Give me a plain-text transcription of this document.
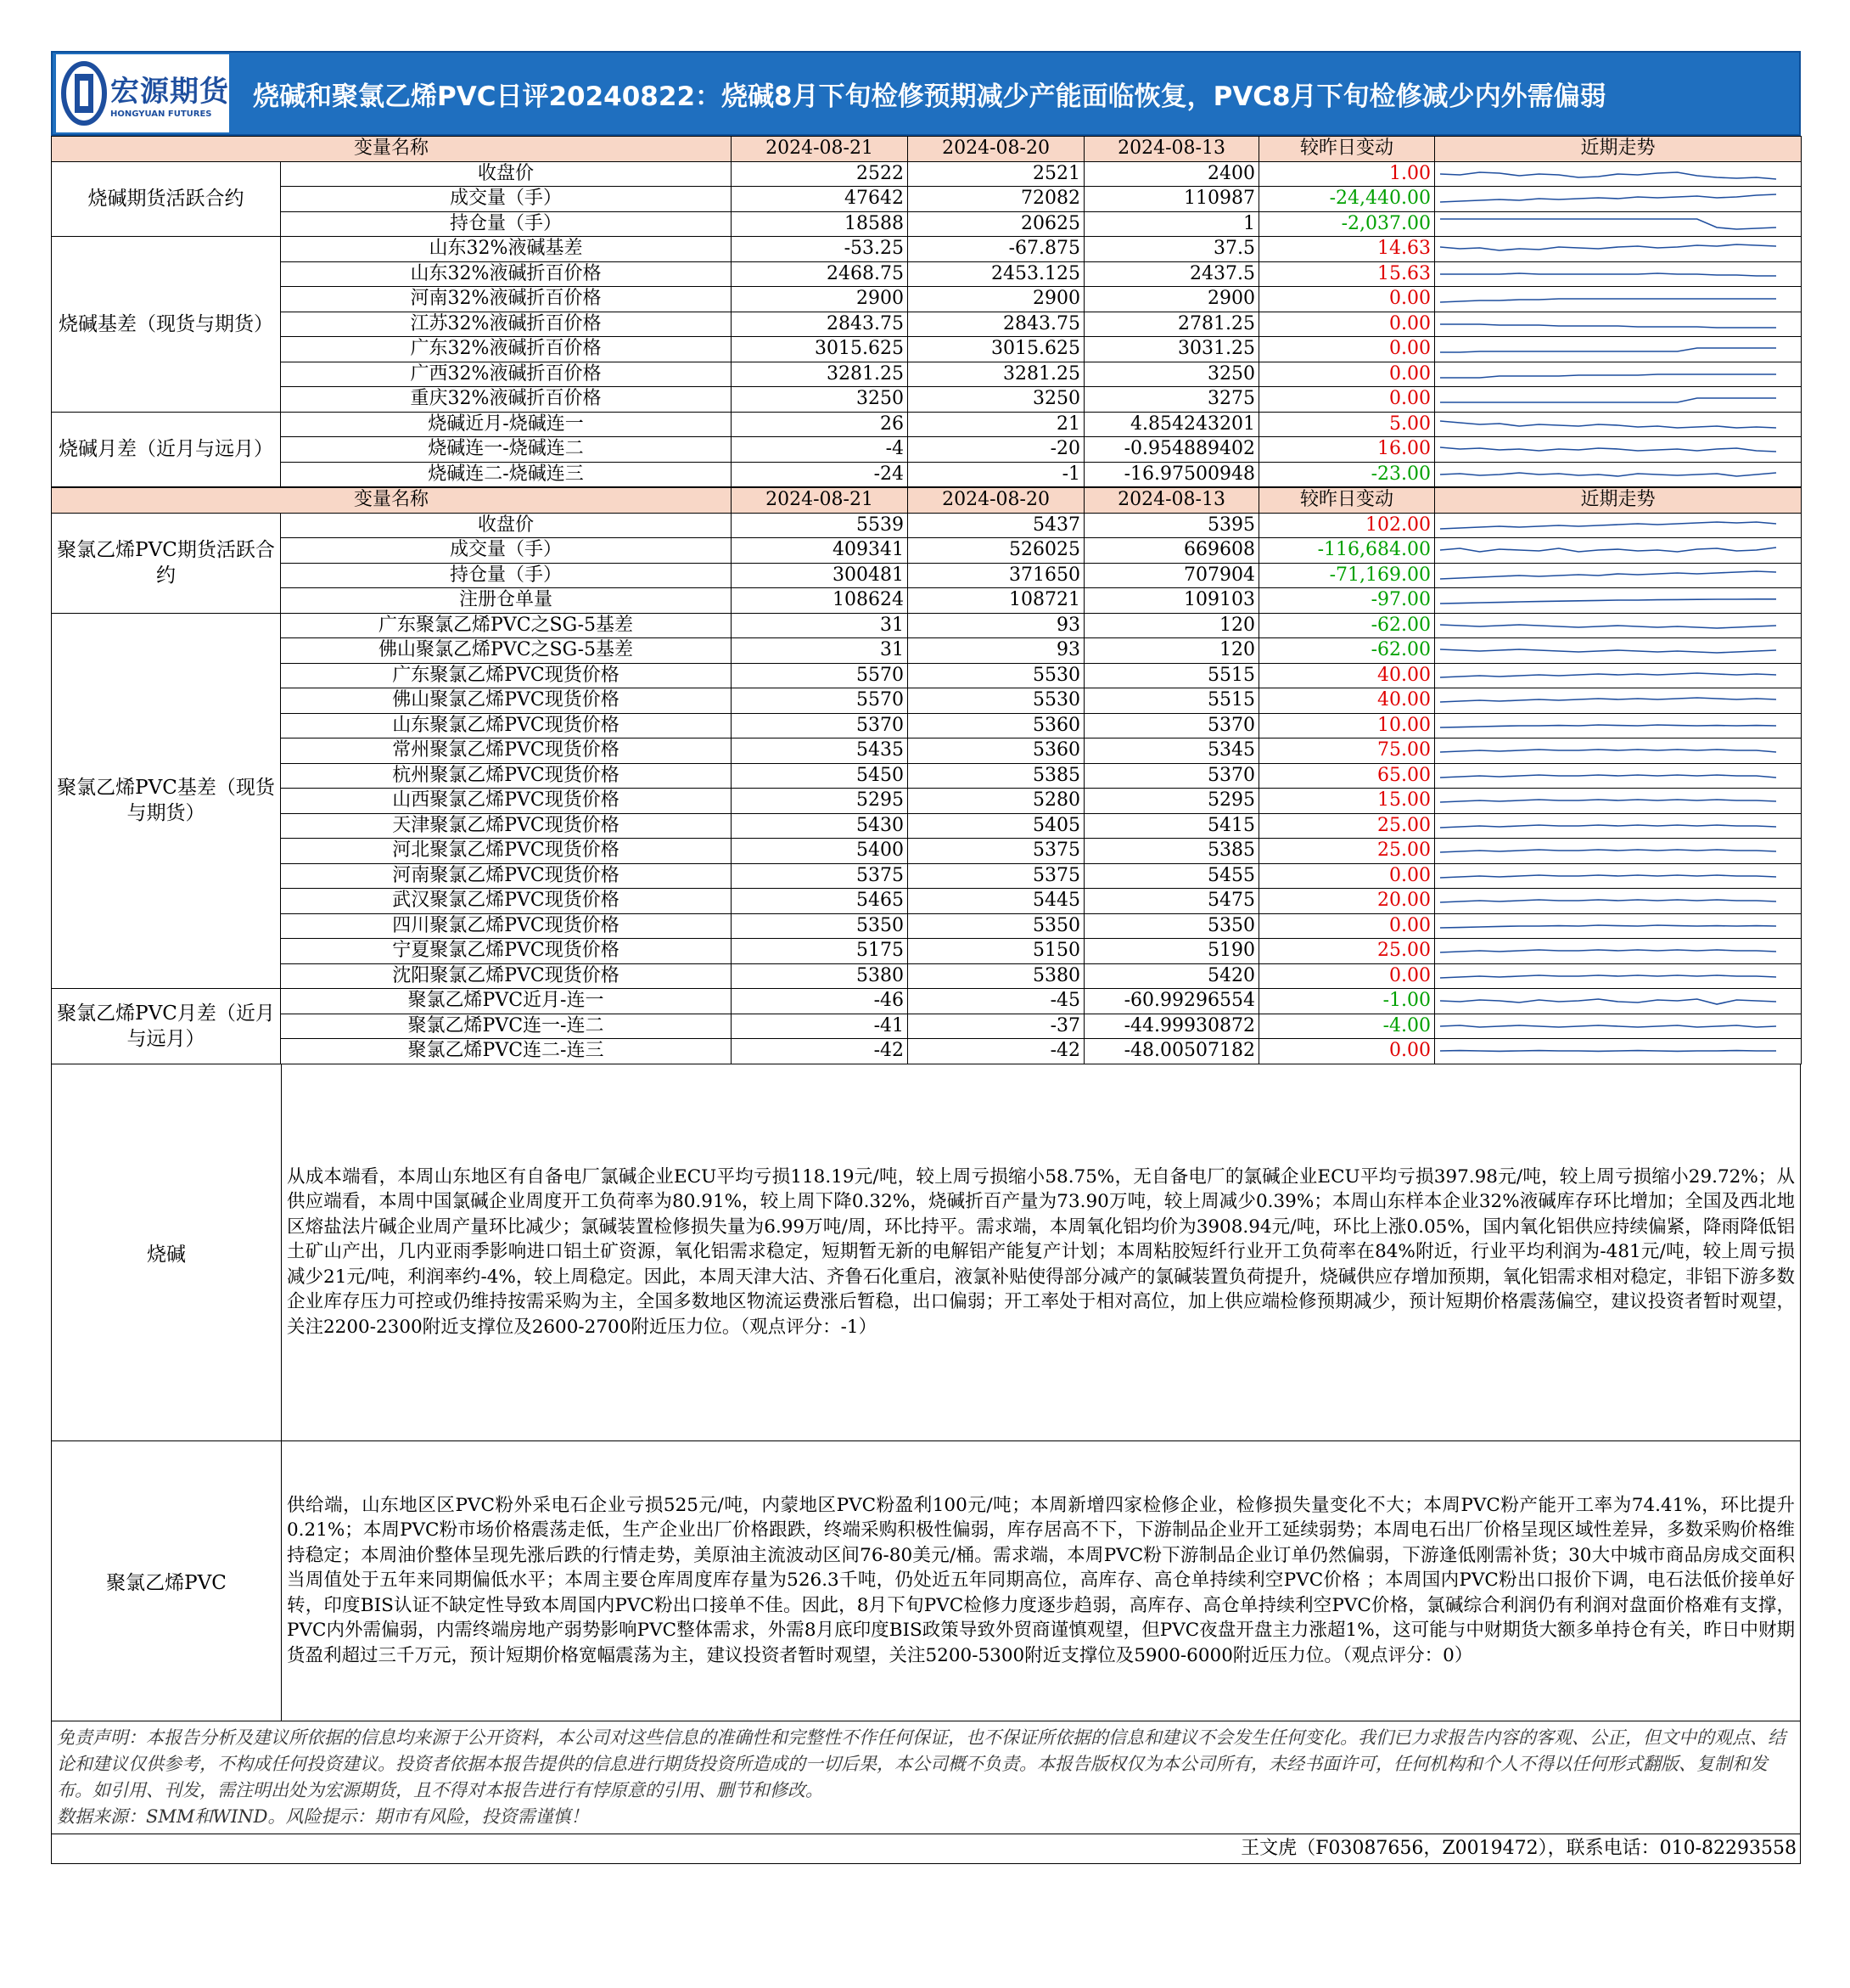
宏源期货
HONGYUAN FUTURES
烧碱和聚氯乙烯PVC日评20240822：烧碱8月下旬检修预期减少产能面临恢复，PVC8月下旬检修减少内外需偏弱
变量名称		2024-08-21	2024-08-20	2024-08-13	较昨日变动	近期走势
烧碱期货活跃合约	收盘价	2522	2521	2400	1.00	

	成交量（手）	47642	72082	110987	-24,440.00	

	持仓量（手）	18588	20625	1	-2,037.00	

烧碱基差（现货与期货）	山东32%液碱基差	-53.25	-67.875	37.5	14.63	

	山东32%液碱折百价格	2468.75	2453.125	2437.5	15.63	

	河南32%液碱折百价格	2900	2900	2900	0.00	

	江苏32%液碱折百价格	2843.75	2843.75	2781.25	0.00	

	广东32%液碱折百价格	3015.625	3015.625	3031.25	0.00	

	广西32%液碱折百价格	3281.25	3281.25	3250	0.00	

	重庆32%液碱折百价格	3250	3250	3275	0.00	

烧碱月差（近月与远月）	烧碱近月-烧碱连一	26	21	4.854243201	5.00	

	烧碱连一-烧碱连二	-4	-20	-0.954889402	16.00	

	烧碱连二-烧碱连三	-24	-1	-16.97500948	-23.00	
变量名称		2024-08-21	2024-08-20	2024-08-13	较昨日变动	近期走势
聚氯乙烯PVC期货活跃合约	收盘价	5539	5437	5395	102.00	

	成交量（手）	409341	526025	669608	-116,684.00	

	持仓量（手）	300481	371650	707904	-71,169.00	

	注册仓单量	108624	108721	109103	-97.00	

聚氯乙烯PVC基差（现货与期货）	广东聚氯乙烯PVC之SG-5基差	31	93	120	-62.00	

	佛山聚氯乙烯PVC之SG-5基差	31	93	120	-62.00	

	广东聚氯乙烯PVC现货价格	5570	5530	5515	40.00	

	佛山聚氯乙烯PVC现货价格	5570	5530	5515	40.00	

	山东聚氯乙烯PVC现货价格	5370	5360	5370	10.00	

	常州聚氯乙烯PVC现货价格	5435	5360	5345	75.00	

	杭州聚氯乙烯PVC现货价格	5450	5385	5370	65.00	

	山西聚氯乙烯PVC现货价格	5295	5280	5295	15.00	

	天津聚氯乙烯PVC现货价格	5430	5405	5415	25.00	

	河北聚氯乙烯PVC现货价格	5400	5375	5385	25.00	

	河南聚氯乙烯PVC现货价格	5375	5375	5455	0.00	

	武汉聚氯乙烯PVC现货价格	5465	5445	5475	20.00	

	四川聚氯乙烯PVC现货价格	5350	5350	5350	0.00	

	宁夏聚氯乙烯PVC现货价格	5175	5150	5190	25.00	

	沈阳聚氯乙烯PVC现货价格	5380	5380	5420	0.00	

聚氯乙烯PVC月差（近月与远月）	聚氯乙烯PVC近月-连一	-46	-45	-60.99296554	-1.00	

	聚氯乙烯PVC连一-连二	-41	-37	-44.99930872	-4.00	

	聚氯乙烯PVC连二-连三	-42	-42	-48.00507182	0.00	
烧碱
从成本端看，本周山东地区有自备电厂氯碱企业ECU平均亏损118.19元/吨，较上周亏损缩小58.75%，无自备电厂的氯碱企业ECU平均亏损397.98元/吨，较上周亏损缩小29.72%；从供应端看，本周中国氯碱企业周度开工负荷率为80.91%，较上周下降0.32%，烧碱折百产量为73.90万吨，较上周减少0.39%；本周山东样本企业32%液碱库存环比增加；全国及西北地区熔盐法片碱企业周产量环比减少；氯碱装置检修损失量为6.99万吨/周，环比持平。需求端，本周氧化铝均价为3908.94元/吨，环比上涨0.05%，国内氧化铝供应持续偏紧，降雨降低铝土矿山产出，几内亚雨季影响进口铝土矿资源，氧化铝需求稳定，短期暂无新的电解铝产能复产计划；本周粘胶短纤行业开工负荷率在84%附近，行业平均利润为-481元/吨，较上周亏损减少21元/吨，利润率约-4%，较上周稳定。因此，本周天津大沽、齐鲁石化重启，液氯补贴使得部分减产的氯碱装置负荷提升，烧碱供应存增加预期，氧化铝需求相对稳定，非铝下游多数企业库存压力可控或仍维持按需采购为主，全国多数地区物流运费涨后暂稳，出口偏弱；开工率处于相对高位，加上供应端检修预期减少，预计短期价格震荡偏空，建议投资者暂时观望，关注2200-2300附近支撑位及2600-2700附近压力位。（观点评分：-1）
聚氯乙烯PVC
供给端，山东地区区PVC粉外采电石企业亏损525元/吨，内蒙地区PVC粉盈利100元/吨；本周新增四家检修企业，检修损失量变化不大；本周PVC粉产能开工率为74.41%，环比提升0.21%；本周PVC粉市场价格震荡走低，生产企业出厂价格跟跌，终端采购积极性偏弱，库存居高不下，下游制品企业开工延续弱势；本周电石出厂价格呈现区域性差异，多数采购价格维持稳定；本周油价整体呈现先涨后跌的行情走势，美原油主流波动区间76-80美元/桶。需求端，本周PVC粉下游制品企业订单仍然偏弱，下游逢低刚需补货；30大中城市商品房成交面积当周值处于五年来同期偏低水平；本周主要仓库周度库存量为526.3千吨，仍处近五年同期高位，高库存、高仓单持续利空PVC价格 ；本周国内PVC粉出口报价下调，电石法低价接单好转，印度BIS认证不缺定性导致本周国内PVC粉出口接单不佳。因此，8月下旬PVC检修力度逐步趋弱，高库存、高仓单持续利空PVC价格，氯碱综合利润仍有利润对盘面价格难有支撑，PVC内外需偏弱，内需终端房地产弱势影响PVC整体需求，外需8月底印度BIS政策导致外贸商谨慎观望，但PVC夜盘开盘主力涨超1%，这可能与中财期货大额多单持仓有关，昨日中财期货盈利超过三千万元，预计短期价格宽幅震荡为主，建议投资者暂时观望，关注5200-5300附近支撑位及5900-6000附近压力位。（观点评分：0）
免责声明：本报告分析及建议所依据的信息均来源于公开资料，本公司对这些信息的准确性和完整性不作任何保证，也不保证所依据的信息和建议不会发生任何变化。我们已力求报告内容的客观、公正，但文中的观点、结论和建议仅供参考，不构成任何投资建议。投资者依据本报告提供的信息进行期货投资所造成的一切后果，本公司概不负责。本报告版权仅为本公司所有，未经书面许可，任何机构和个人不得以任何形式翻版、复制和发布。如引用、刊发，需注明出处为宏源期货，且不得对本报告进行有悖原意的引用、删节和修改。
数据来源：SMM和WIND。风险提示：期市有风险，投资需谨慎！
王文虎（F03087656，Z0019472），联系电话：010-82293558
